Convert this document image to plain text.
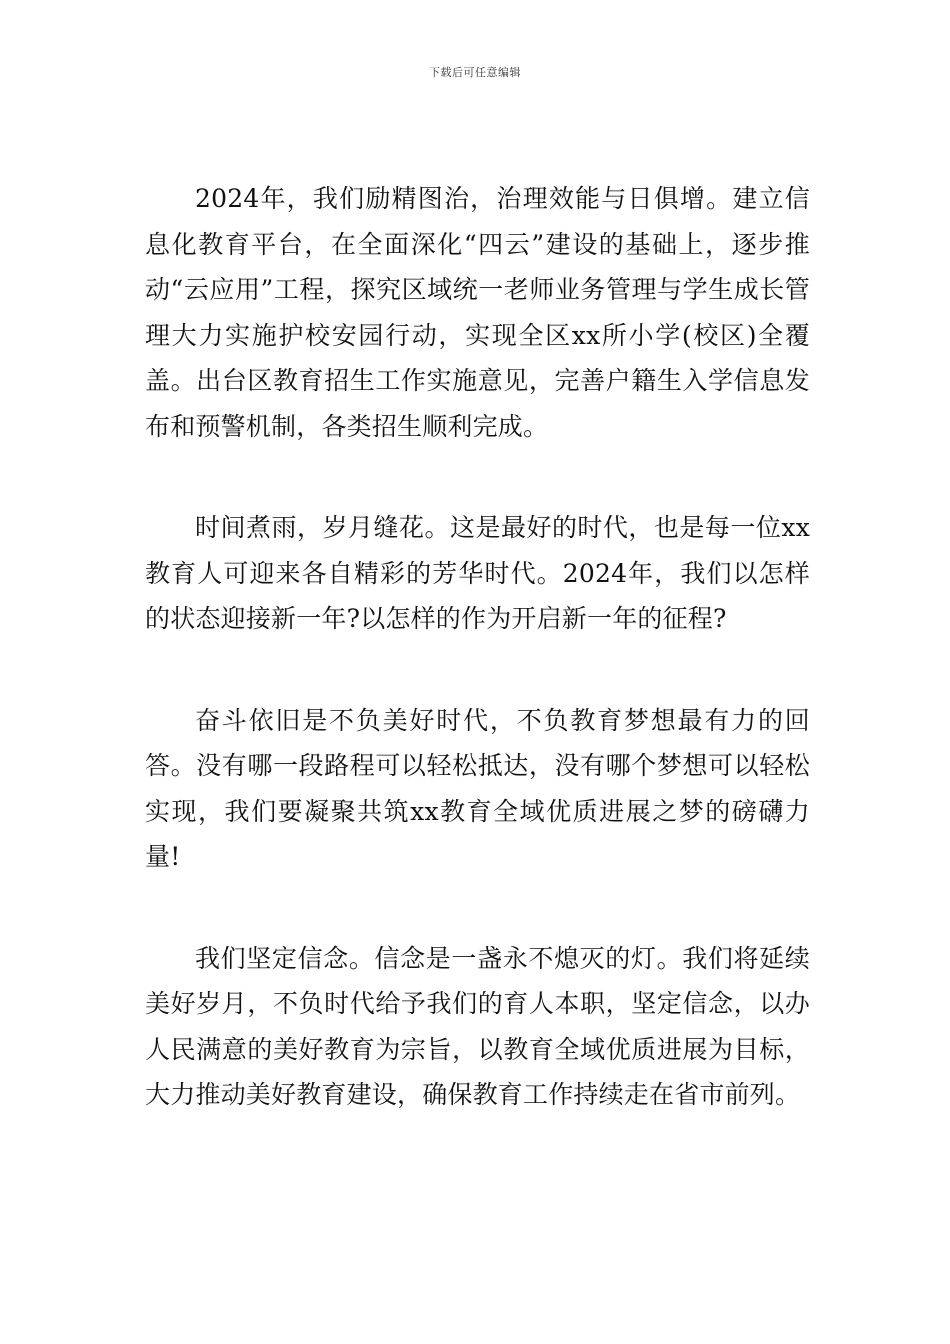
下载后可任意编辑

2024年，我们励精图治，治理效能与日俱增。建立信息化教育平台，在全面深化“四云”建设的基础上，逐步推动“云应用”工程，探究区域统一老师业务管理与学生成长管理大力实施护校安园行动，实现全区xx所小学(校区)全覆盖。出台区教育招生工作实施意见，完善户籍生入学信息发布和预警机制，各类招生顺利完成。

时间煮雨，岁月缝花。这是最好的时代，也是每一位xx教育人可迎来各自精彩的芳华时代。2024年，我们以怎样的状态迎接新一年?以怎样的作为开启新一年的征程?

奋斗依旧是不负美好时代，不负教育梦想最有力的回答。没有哪一段路程可以轻松抵达，没有哪个梦想可以轻松实现，我们要凝聚共筑xx教育全域优质进展之梦的磅礴力量!

我们坚定信念。信念是一盏永不熄灭的灯。我们将延续美好岁月，不负时代给予我们的育人本职，坚定信念，以办人民满意的美好教育为宗旨，以教育全域优质进展为目标，大力推动美好教育建设，确保教育工作持续走在省市前列。
